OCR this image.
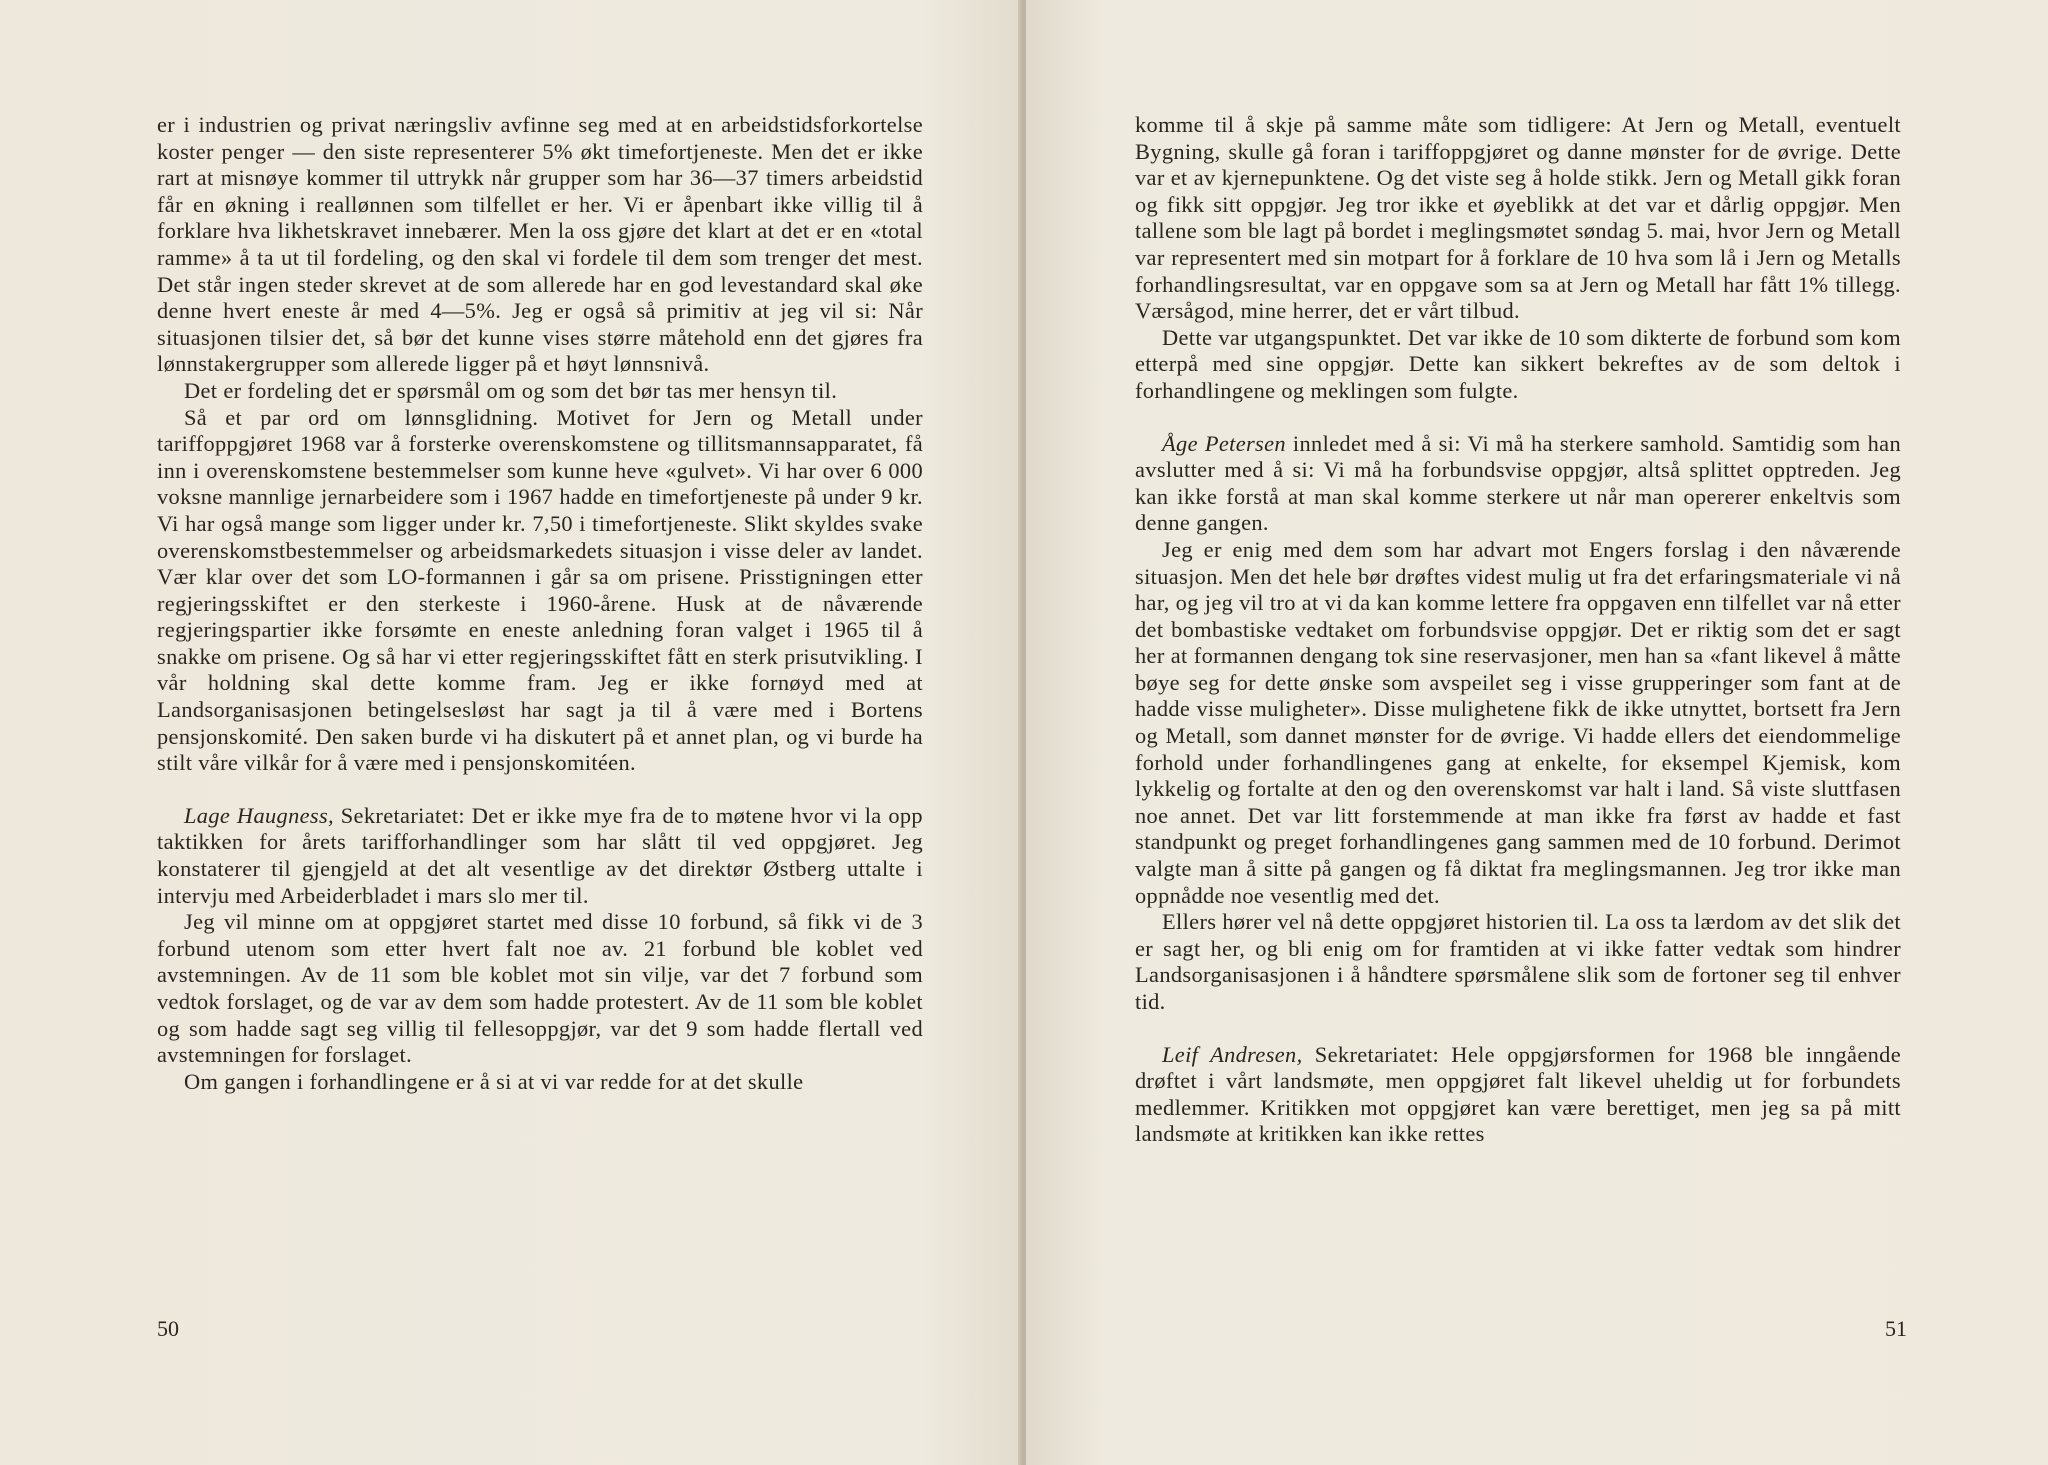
er i industrien og privat næringsliv avfinne seg med at en arbeidstidsforkortelse koster penger — den siste representerer 5% økt timefortjeneste. Men det er ikke rart at misnøye kommer til uttrykk når grupper som har 36—37 timers arbeidstid får en økning i reallønnen som tilfellet er her. Vi er åpenbart ikke villig til å forklare hva likhetskravet innebærer. Men la oss gjøre det klart at det er en «total ramme» å ta ut til fordeling, og den skal vi fordele til dem som trenger det mest. Det står ingen steder skrevet at de som allerede har en god levestandard skal øke denne hvert eneste år med 4—5%. Jeg er også så primitiv at jeg vil si: Når situasjonen tilsier det, så bør det kunne vises større måtehold enn det gjøres fra lønnstakergrupper som allerede ligger på et høyt lønnsnivå.

Det er fordeling det er spørsmål om og som det bør tas mer hensyn til.

Så et par ord om lønnsglidning. Motivet for Jern og Metall under tariffoppgjøret 1968 var å forsterke overenskomstene og tillitsmannsapparatet, få inn i overenskomstene bestemmelser som kunne heve «gulvet». Vi har over 6 000 voksne mannlige jernarbeidere som i 1967 hadde en timefortjeneste på under 9 kr. Vi har også mange som ligger under kr. 7,50 i timefortjeneste. Slikt skyldes svake overenskomstbestemmelser og arbeidsmarkedets situasjon i visse deler av landet. Vær klar over det som LO-formannen i går sa om prisene. Prisstigningen etter regjeringsskiftet er den sterkeste i 1960-årene. Husk at de nåværende regjeringspartier ikke forsømte en eneste anledning foran valget i 1965 til å snakke om prisene. Og så har vi etter regjeringsskiftet fått en sterk prisutvikling. I vår holdning skal dette komme fram. Jeg er ikke fornøyd med at Landsorganisasjonen betingelsesløst har sagt ja til å være med i Bortens pensjonskomité. Den saken burde vi ha diskutert på et annet plan, og vi burde ha stilt våre vilkår for å være med i pensjonskomitéen.

Lage Haugness, Sekretariatet: Det er ikke mye fra de to møtene hvor vi la opp taktikken for årets tarifforhandlinger som har slått til ved oppgjøret. Jeg konstaterer til gjengjeld at det alt vesentlige av det direktør Østberg uttalte i intervju med Arbeiderbladet i mars slo mer til.

Jeg vil minne om at oppgjøret startet med disse 10 forbund, så fikk vi de 3 forbund utenom som etter hvert falt noe av. 21 forbund ble koblet ved avstemningen. Av de 11 som ble koblet mot sin vilje, var det 7 forbund som vedtok forslaget, og de var av dem som hadde protestert. Av de 11 som ble koblet og som hadde sagt seg villig til fellesoppgjør, var det 9 som hadde flertall ved avstemningen for forslaget.

Om gangen i forhandlingene er å si at vi var redde for at det skulle

50

komme til å skje på samme måte som tidligere: At Jern og Metall, eventuelt Bygning, skulle gå foran i tariffoppgjøret og danne mønster for de øvrige. Dette var et av kjernepunktene. Og det viste seg å holde stikk. Jern og Metall gikk foran og fikk sitt oppgjør. Jeg tror ikke et øyeblikk at det var et dårlig oppgjør. Men tallene som ble lagt på bordet i meglingsmøtet søndag 5. mai, hvor Jern og Metall var representert med sin motpart for å forklare de 10 hva som lå i Jern og Metalls forhandlingsresultat, var en oppgave som sa at Jern og Metall har fått 1% tillegg. Værsågod, mine herrer, det er vårt tilbud.

Dette var utgangspunktet. Det var ikke de 10 som dikterte de forbund som kom etterpå med sine oppgjør. Dette kan sikkert bekreftes av de som deltok i forhandlingene og meklingen som fulgte.

Åge Petersen innledet med å si: Vi må ha sterkere samhold. Samtidig som han avslutter med å si: Vi må ha forbundsvise oppgjør, altså splittet opptreden. Jeg kan ikke forstå at man skal komme sterkere ut når man opererer enkeltvis som denne gangen.

Jeg er enig med dem som har advart mot Engers forslag i den nåværende situasjon. Men det hele bør drøftes videst mulig ut fra det erfaringsmateriale vi nå har, og jeg vil tro at vi da kan komme lettere fra oppgaven enn tilfellet var nå etter det bombastiske vedtaket om forbundsvise oppgjør. Det er riktig som det er sagt her at formannen dengang tok sine reservasjoner, men han sa «fant likevel å måtte bøye seg for dette ønske som avspeilet seg i visse grupperinger som fant at de hadde visse muligheter». Disse mulighetene fikk de ikke utnyttet, bortsett fra Jern og Metall, som dannet mønster for de øvrige. Vi hadde ellers det eiendommelige forhold under forhandlingenes gang at enkelte, for eksempel Kjemisk, kom lykkelig og fortalte at den og den overenskomst var halt i land. Så viste sluttfasen noe annet. Det var litt forstemmende at man ikke fra først av hadde et fast standpunkt og preget forhandlingenes gang sammen med de 10 forbund. Derimot valgte man å sitte på gangen og få diktat fra meglingsmannen. Jeg tror ikke man oppnådde noe vesentlig med det.

Ellers hører vel nå dette oppgjøret historien til. La oss ta lærdom av det slik det er sagt her, og bli enig om for framtiden at vi ikke fatter vedtak som hindrer Landsorganisasjonen i å håndtere spørsmålene slik som de fortoner seg til enhver tid.

Leif Andresen, Sekretariatet: Hele oppgjørsformen for 1968 ble inngående drøftet i vårt landsmøte, men oppgjøret falt likevel uheldig ut for forbundets medlemmer. Kritikken mot oppgjøret kan være berettiget, men jeg sa på mitt landsmøte at kritikken kan ikke rettes

51
